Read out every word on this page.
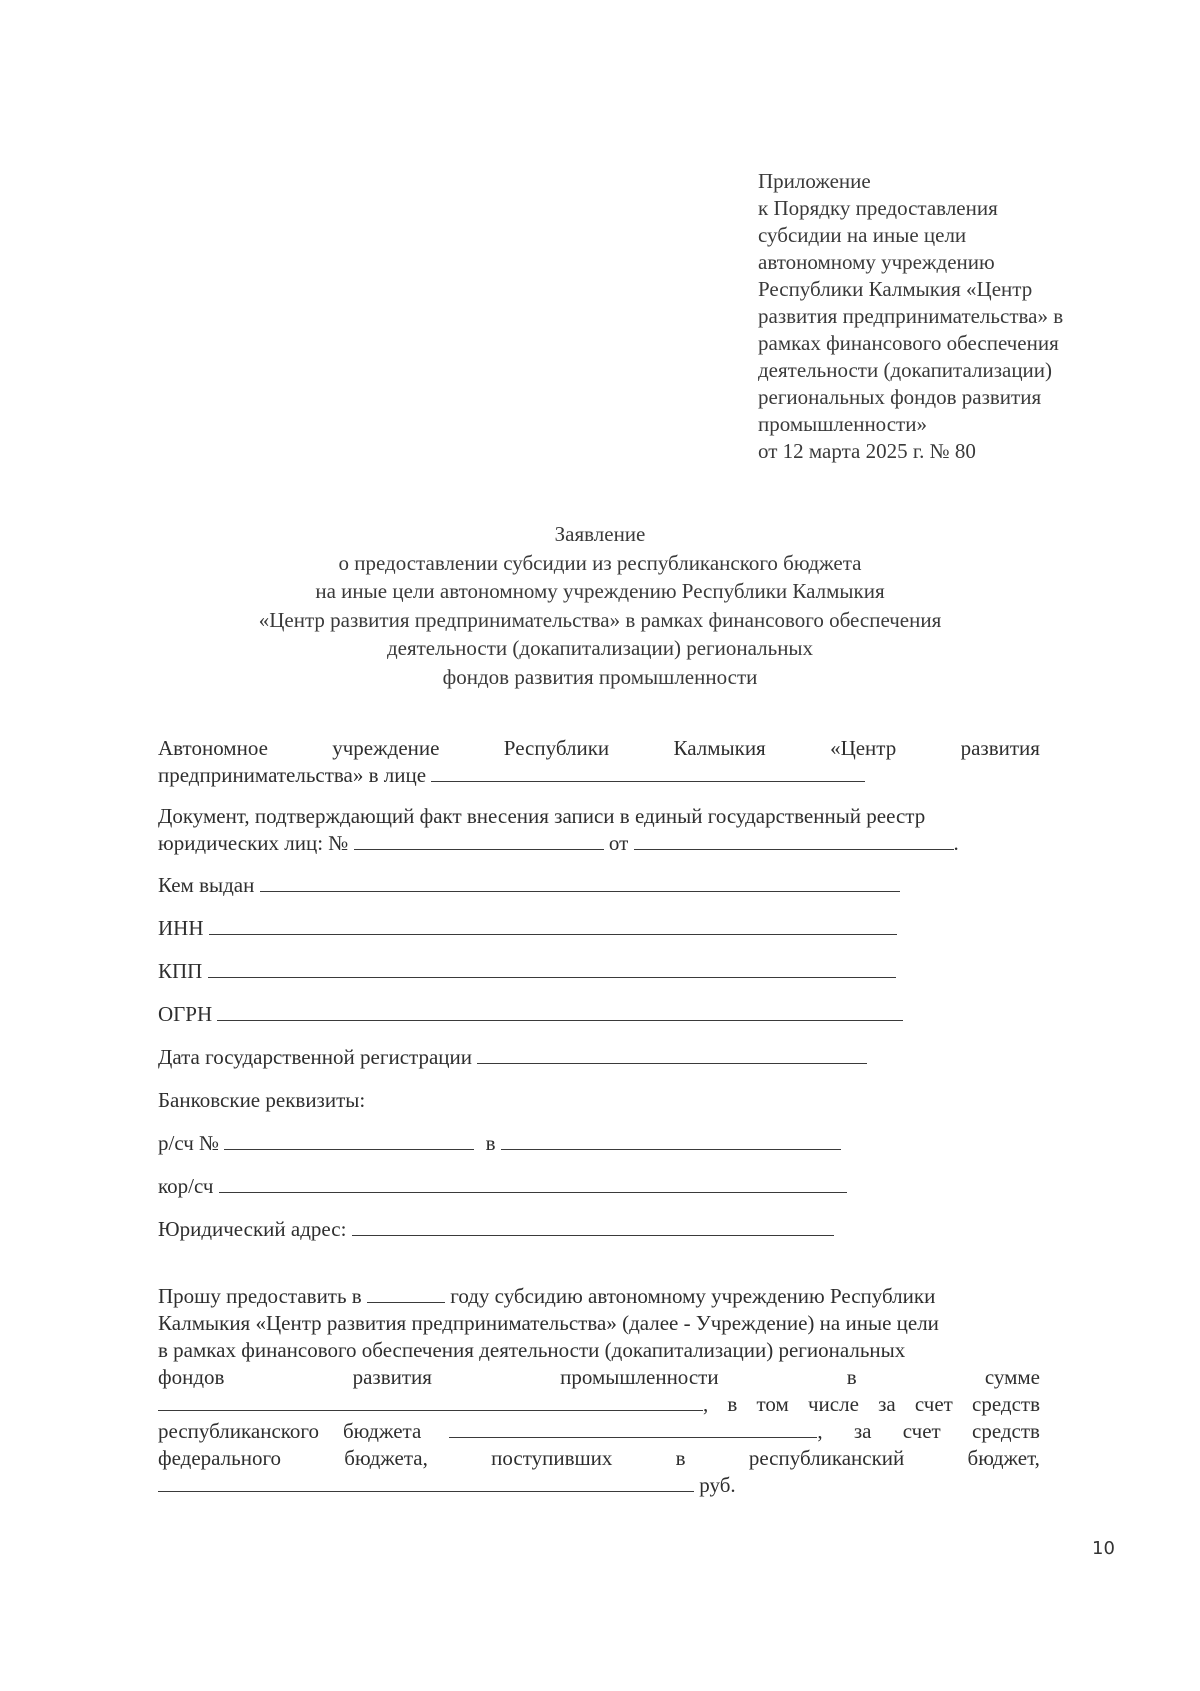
Приложение
к Порядку предоставления
субсидии на иные цели
автономному учреждению
Республики Калмыкия «Центр
развития предпринимательства» в
рамках финансового обеспечения
деятельности (докапитализации)
региональных фондов развития
промышленности»
от 12 марта 2025 г. № 80
Заявление
о предоставлении субсидии из республиканского бюджета
на иные цели автономному учреждению Республики Калмыкия
«Центр развития предпринимательства» в рамках финансового обеспечения
деятельности (докапитализации) региональных
фондов развития промышленности
Автономное	учреждение	Республики	Калмыкия	«Центр	развития
предпринимательства» в лице
Документ, подтверждающий факт внесения записи в единый государственный реестр
юридических лиц: №	от	.
Кем выдан
ИНН
КПП
ОГРН
Дата государственной регистрации
Банковские реквизиты:
р/сч №	в
кор/сч
Юридический адрес:
Прошу предоставить в	году субсидию автономному учреждению Республики
Калмыкия «Центр развития предпринимательства» (далее - Учреждение) на иные цели
в рамках финансового обеспечения деятельности (докапитализации) региональных
фондов	развития	промышленности	в	сумме
, в том числе за счет средств
республиканского бюджета	, за счет средств
федерального	бюджета,	поступивших	в	республиканский	бюджет,
руб.
10
